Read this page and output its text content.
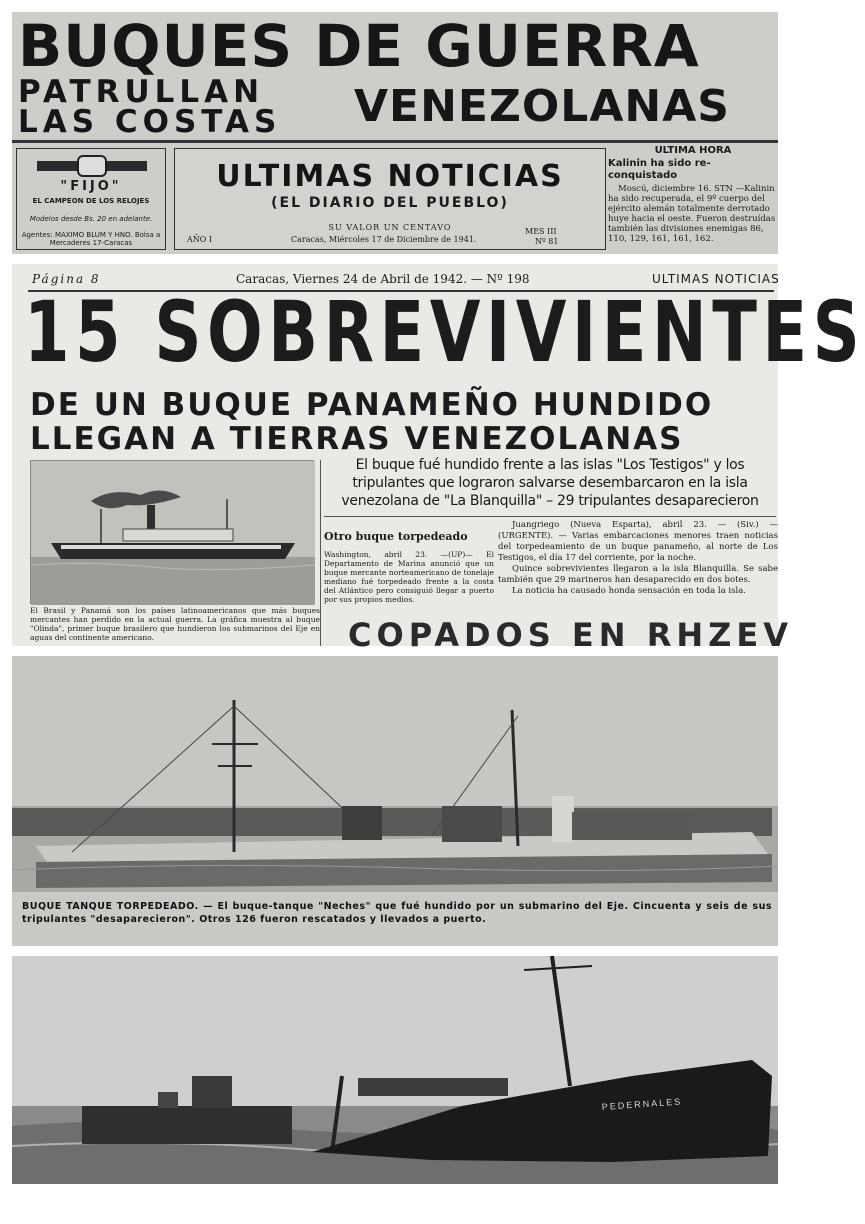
BUQUES DE GUERRA
PATRULLAN
LAS COSTAS VENEZOLANAS
"FIJO"
EL CAMPEON DE LOS RELOJES
Modelos desde Bs. 20 en adelante.
Agentes: MAXIMO BLUM Y HNO. Bolsa a Mercaderes 17-Caracas
ULTIMAS NOTICIAS
(EL DIARIO DEL PUEBLO)
SU VALOR UN CENTAVO
AÑO I	Caracas, Miércoles 17 de Diciembre de 1941.
MES III
Nº 81
ULTIMA HORA
Kalinin ha sido re-conquistado
Moscú, diciembre 16. STN —Kalinin ha sido recuperada, el 9º cuerpo del ejército alemán totalmente derrotado huye hacia el oeste. Fueron destruídas también las divisiones enemigas 86, 110, 129, 161, 161, 162.
Página 8	Caracas, Viernes 24 de Abril de 1942. — Nº 198	ULTIMAS NOTICIAS
15 SOBREVIVIENTES
DE UN BUQUE PANAMEÑO HUNDIDO
LLEGAN A TIERRAS VENEZOLANAS
El Brasil y Panamá son los países latinoamericanos que más buques mercantes han perdido en la actual guerra. La gráfica muestra al buque "Olinda", primer buque brasilero que hundieron los submarinos del Eje en aguas del continente americano.
El buque fué hundido frente a las islas "Los Testigos" y los tripulantes que lograron salvarse desembarcaron en la isla venezolana de "La Blanquilla" – 29 tripulantes desaparecieron
Otro buque torpedeado
Washington, abril 23. —(UP)— El Departamento de Marina anunció que un buque mercante norteamericano de tonelaje mediano fué torpedeado frente a la costa del Atlántico pero consiguió llegar a puerto por sus propios medios.

Juangriego (Nueva Esparta), abril 23. — (Siv.) — (URGENTE). — Varias embarcaciones menores traen noticias del torpedeamiento de un buque panameño, al norte de Los Testigos, el día 17 del corriente, por la noche.

Quince sobrevivientes llegaron a la isla Blanquilla. Se sabe también que 29 marineros han desaparecido en dos botes.

La noticia ha causado honda sensación en toda la isla.

COPADOS EN RHZEV
BUQUE TANQUE TORPEDEADO. — El buque-tanque "Neches" que fué hundido por un submarino del Eje. Cincuenta y seis de sus tripulantes "desaparecieron". Otros 126 fueron rescatados y llevados a puerto.
PEDERNALES
